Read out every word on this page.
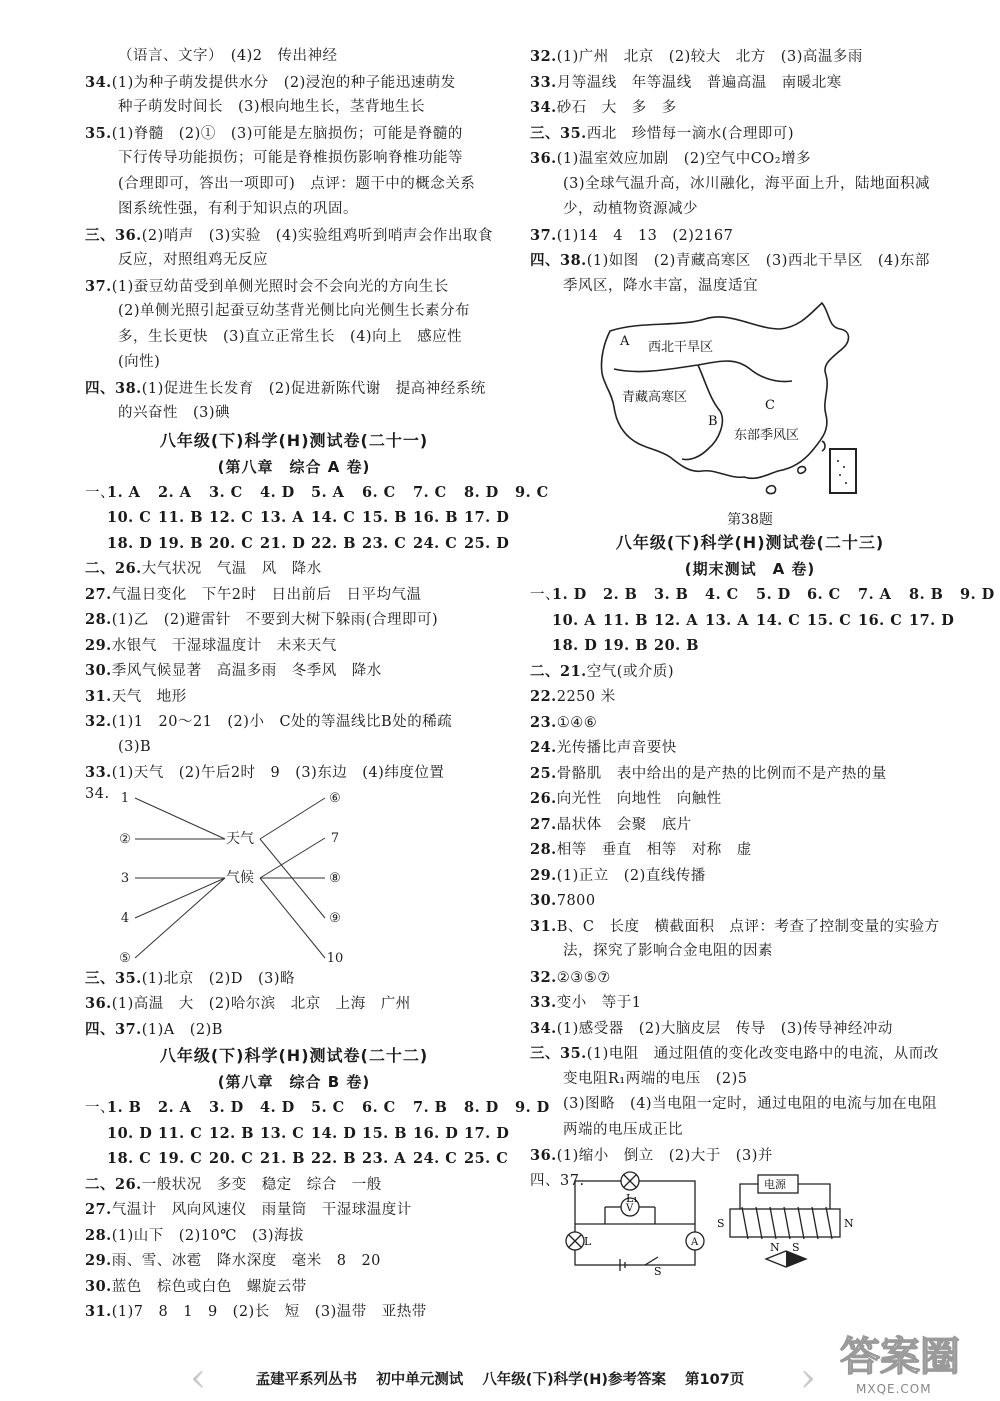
（语言、文字）　(4)2　传出神经
34.(1)为种子萌发提供水分　(2)浸泡的种子能迅速萌发
种子萌发时间长　(3)根向地生长，茎背地生长
35.(1)脊髓　(2)①　(3)可能是左脑损伤；可能是脊髓的
下行传导功能损伤；可能是脊椎损伤影响脊椎功能等
(合理即可，答出一项即可)　点评：题干中的概念关系
图系统性强，有利于知识点的巩固。
三、36.(2)哨声　(3)实验　(4)实验组鸡听到哨声会作出取食
反应，对照组鸡无反应
37.(1)蚕豆幼苗受到单侧光照时会不会向光的方向生长
(2)单侧光照引起蚕豆幼茎背光侧比向光侧生长素分布
多，生长更快　(3)直立正常生长　(4)向上　感应性
(向性)
四、38.(1)促进生长发育　(2)促进新陈代谢　提高神经系统
的兴奋性　(3)碘
八年级(下)科学(H)测试卷(二十一)
(第八章　综合 A 卷)
一、1. A 2. A 3. C 4. D 5. A 6. C 7. C 8. D 9. C
10. C 11. B 12. C 13. A 14. C 15. B 16. B 17. D
18. D 19. B 20. C 21. D 22. B 23. C 24. C 25. D
二、26.大气状况　气温　风　降水
27.气温日变化　下午2时　日出前后　日平均气温
28.(1)乙　(2)避雷针　不要到大树下躲雨(合理即可)
29.水银气　干湿球温度计　未来天气
30.季风气候显著　高温多雨　冬季风　降水
31.天气　地形
32.(1)1　20～21　(2)小　C处的等温线比B处的稀疏
(3)B
33.(1)天气　(2)午后2时　9　(3)东边　(4)纬度位置
34. 1
②
3
4
⑤
天气
气候
⑥
7
⑧
⑨
10
三、35.(1)北京　(2)D　(3)略
36.(1)高温　大　(2)哈尔滨　北京　上海　广州
四、37.(1)A　(2)B
八年级(下)科学(H)测试卷(二十二)
(第八章　综合 B 卷)
一、1. B 2. A 3. D 4. D 5. C 6. C 7. B 8. D 9. D
10. D 11. C 12. B 13. C 14. D 15. B 16. D 17. D
18. C 19. C 20. C 21. B 22. B 23. A 24. C 25. C
二、26.一般状况　多变　稳定　综合　一般
27.气温计　风向风速仪　雨量筒　干湿球温度计
28.(1)山下　(2)10℃　(3)海拔
29.雨、雪、冰雹　降水深度　毫米　8　20
30.蓝色　棕色或白色　螺旋云带
31.(1)7　8　1　9　(2)长　短　(3)温带　亚热带
32.(1)广州　北京　(2)较大　北方　(3)高温多雨
33.月等温线　年等温线　普遍高温　南暖北寒
34.砂石　大　多　多
三、35.西北　珍惜每一滴水(合理即可)
36.(1)温室效应加剧　(2)空气中CO₂增多
(3)全球气温升高，冰川融化，海平面上升，陆地面积减
少，动植物资源减少
37.(1)14　4　13　(2)2167
四、38.(1)如图　(2)青藏高寒区　(3)西北干旱区　(4)东部
季风区，降水丰富，温度适宜
A
B
C
西北干旱区
青藏高寒区
东部季风区
第38题
八年级(下)科学(H)测试卷(二十三)
(期末测试　A 卷)
一、1. D 2. B 3. B 4. C 5. D 6. C 7. A 8. B 9. D
10. A 11. B 12. A 13. A 14. C 15. C 16. C 17. D
18. D 19. B 20. B
二、21.空气(或介质)
22.2250 米
23.①④⑥
24.光传播比声音要快
25.骨骼肌　表中给出的是产热的比例而不是产热的量
26.向光性　向地性　向触性
27.晶状体　会聚　底片
28.相等　垂直　相等　对称　虚
29.(1)正立　(2)直线传播
30.7800
31.B、C　长度　横截面积　点评：考查了控制变量的实验方
法，探究了影响合金电阻的因素
32.②③⑤⑦
33.变小　等于1
34.(1)感受器　(2)大脑皮层　传导　(3)传导神经冲动
三、35.(1)电阻　通过阻值的变化改变电路中的电流，从而改
变电阻R₁两端的电压　(2)5
(3)图略　(4)当电阻一定时，通过电阻的电流与加在电阻
两端的电压成正比
36.(1)缩小　倒立　(2)大于　(3)并
四、37.
L₁
V
L	A
S
电源
S	N
N S
‹	›
孟建平系列丛书 初中单元测试 八年级(下)科学(H)参考答案 第107页	答案圈
MXQE.COM
